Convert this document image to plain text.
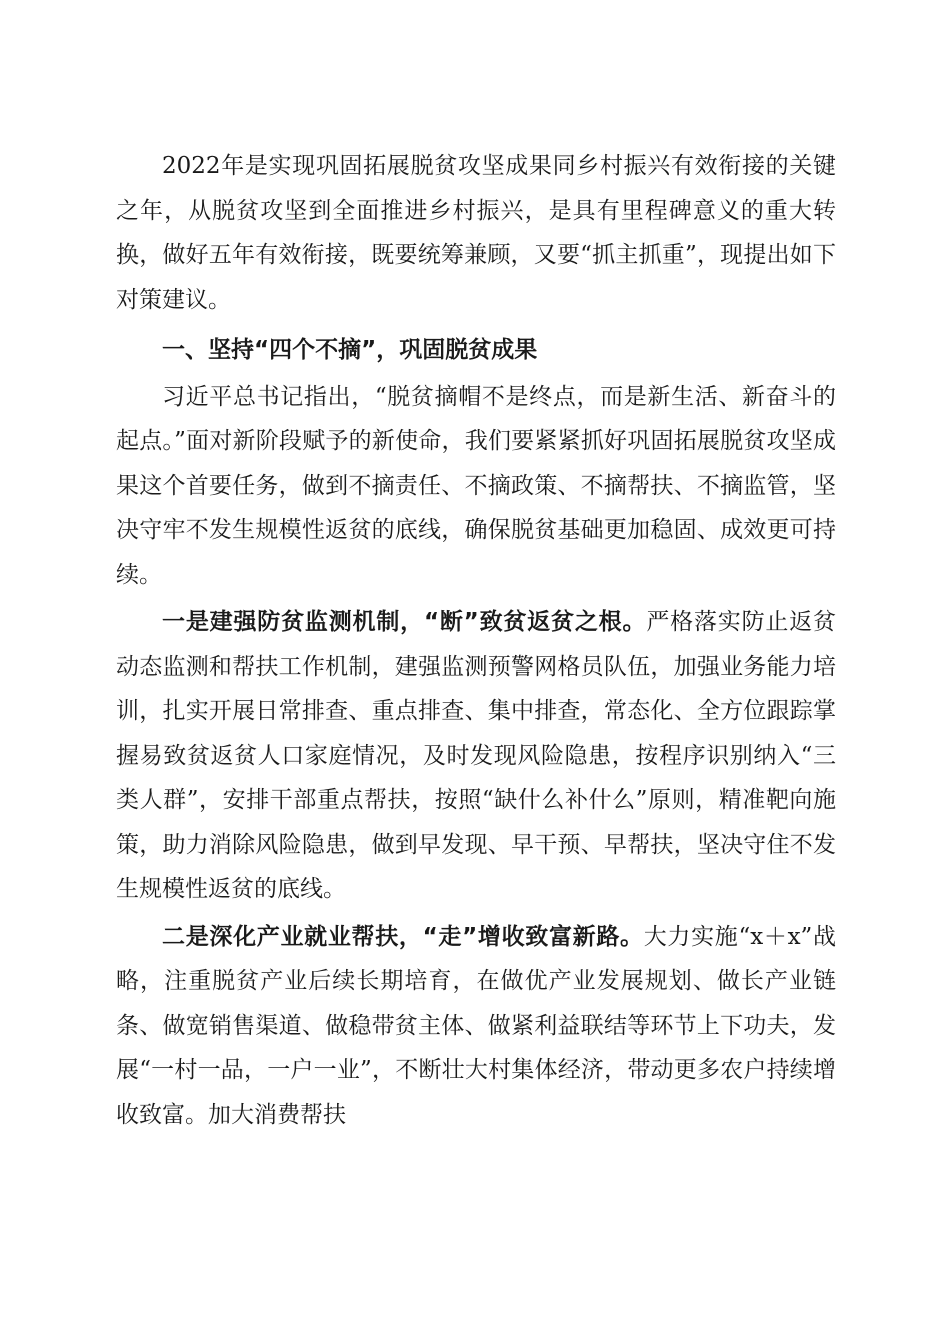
2022年是实现巩固拓展脱贫攻坚成果同乡村振兴有效衔接的关键之年，从脱贫攻坚到全面推进乡村振兴，是具有里程碑意义的重大转换，做好五年有效衔接，既要统筹兼顾，又要“抓主抓重”，现提出如下对策建议。

一、坚持“四个不摘”，巩固脱贫成果

习近平总书记指出，“脱贫摘帽不是终点，而是新生活、新奋斗的起点。”面对新阶段赋予的新使命，我们要紧紧抓好巩固拓展脱贫攻坚成果这个首要任务，做到不摘责任、不摘政策、不摘帮扶、不摘监管，坚决守牢不发生规模性返贫的底线，确保脱贫基础更加稳固、成效更可持续。

一是建强防贫监测机制，“断”致贫返贫之根。严格落实防止返贫动态监测和帮扶工作机制，建强监测预警网格员队伍，加强业务能力培训，扎实开展日常排查、重点排查、集中排查，常态化、全方位跟踪掌握易致贫返贫人口家庭情况，及时发现风险隐患，按程序识别纳入“三类人群”，安排干部重点帮扶，按照“缺什么补什么”原则，精准靶向施策，助力消除风险隐患，做到早发现、早干预、早帮扶，坚决守住不发生规模性返贫的底线。

二是深化产业就业帮扶，“走”增收致富新路。大力实施“x＋x”战略，注重脱贫产业后续长期培育，在做优产业发展规划、做长产业链条、做宽销售渠道、做稳带贫主体、做紧利益联结等环节上下功夫，发展“一村一品，一户一业”，不断壮大村集体经济，带动更多农户持续增收致富。加大消费帮扶
